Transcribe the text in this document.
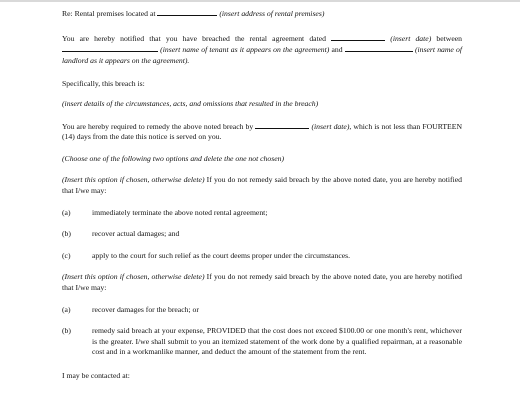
Re: Rental premises located at	(insert address of rental premises)

You are hereby notified that you have breached the rental agreement dated	(insert date) between  (insert name of tenant as it appears on the agreement) and	(insert name of landlord as it appears on the agreement).

Specifically, this breach is:

(insert details of the circumstances, acts, and omissions that resulted in the breach)

You are hereby required to remedy the above noted breach by	(insert date), which is not less than FOURTEEN (14) days from the date this notice is served on you.

(Choose one of the following two options and delete the one not chosen)

(Insert this option if chosen, otherwise delete) If you do not remedy said breach by the above noted date, you are hereby notified that I/we may:

(a)	immediately terminate the above noted rental agreement;
(b)	recover actual damages; and
(c)	apply to the court for such relief as the court deems proper under the circumstances.

(Insert this option if chosen, otherwise delete) If you do not remedy said breach by the above noted date, you are hereby notified that I/we may:

(a)	recover damages for the breach; or
(b)	remedy said breach at your expense, PROVIDED that the cost does not exceed $100.00 or one month's rent, whichever is the greater. I/we shall submit to you an itemized statement of the work done by a qualified repairman, at a reasonable cost and in a workmanlike manner, and deduct the amount of the statement from the rent.

I may be contacted at:
